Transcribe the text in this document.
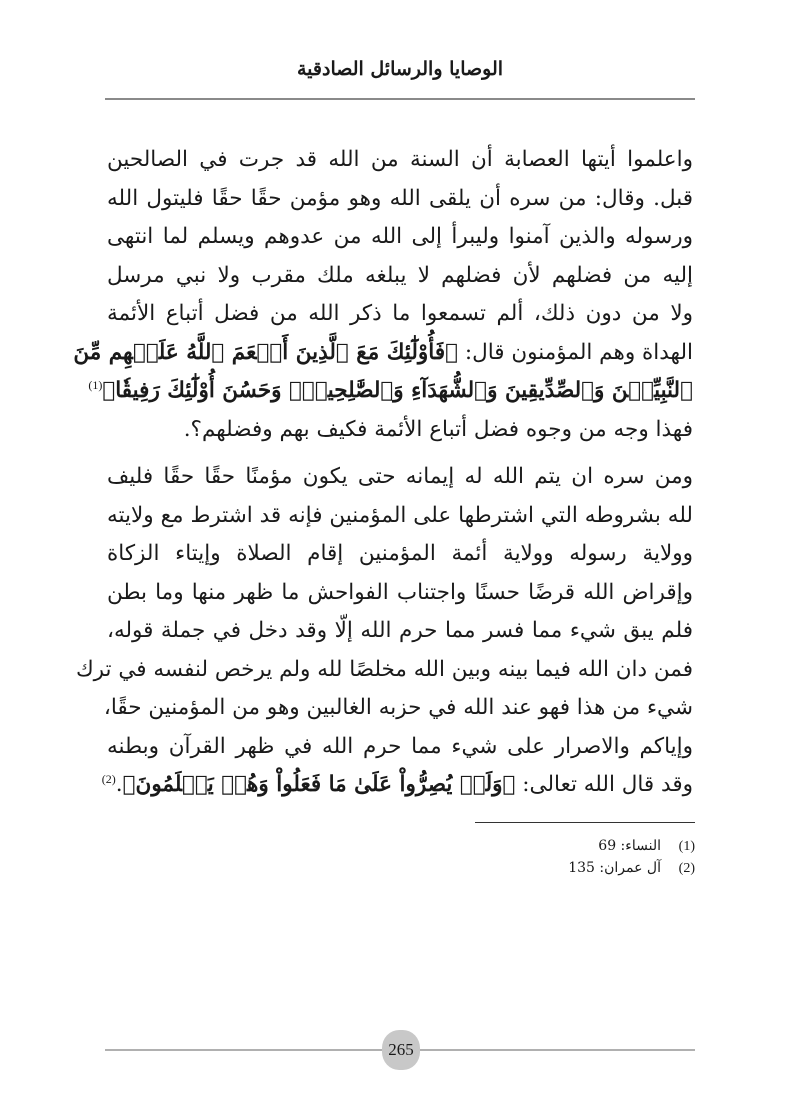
الوصايا والرسائل الصادقية
واعلموا أيتها العصابة أن السنة من الله قد جرت في الصالحين
قبل. وقال: من سره أن يلقى الله وهو مؤمن حقًا حقًا فليتول الله
ورسوله والذين آمنوا وليبرأ إلى الله من عدوهم ويسلم لما انتهى
إليه من فضلهم لأن فضلهم لا يبلغه ملك مقرب ولا نبي مرسل
ولا من دون ذلك، ألم تسمعوا ما ذكر الله من فضل أتباع الأئمة
الهداة وهم المؤمنون قال: ﴿فَأُوْلَٰٓئِكَ مَعَ ٱلَّذِينَ أَنۡعَمَ ٱللَّهُ عَلَيۡهِم مِّنَ
ٱلنَّبِيِّـۧنَ وَٱلصِّدِّيقِينَ وَٱلشُّهَدَآءِ وَٱلصَّٰلِحِينَۚ وَحَسُنَ أُوْلَٰٓئِكَ رَفِيقٗا﴾$^{(1)}$
فهذا وجه من وجوه فضل أتباع الأئمة فكيف بهم وفضلهم؟.
ومن سره ان يتم الله له إيمانه حتى يكون مؤمنًا حقًا حقًا فليف
لله بشروطه التي اشترطها على المؤمنين فإنه قد اشترط مع ولايته
وولاية رسوله وولاية أئمة المؤمنين إقام الصلاة وإيتاء الزكاة
وإقراض الله قرضًا حسنًا واجتناب الفواحش ما ظهر منها وما بطن
فلم يبق شيء مما فسر مما حرم الله إلّا وقد دخل في جملة قوله،
فمن دان الله فيما بينه وبين الله مخلصًا لله ولم يرخص لنفسه في ترك
شيء من هذا فهو عند الله في حزبه الغالبين وهو من المؤمنين حقًا،
وإياكم والاصرار على شيء مما حرم الله في ظهر القرآن وبطنه
وقد قال الله تعالى: ﴿وَلَمۡ يُصِرُّواْ عَلَىٰ مَا فَعَلُواْ وَهُمۡ يَعۡلَمُونَ﴾.$^{(2)}$
(1)النساء: 69
(2)آل عمران: 135
265
